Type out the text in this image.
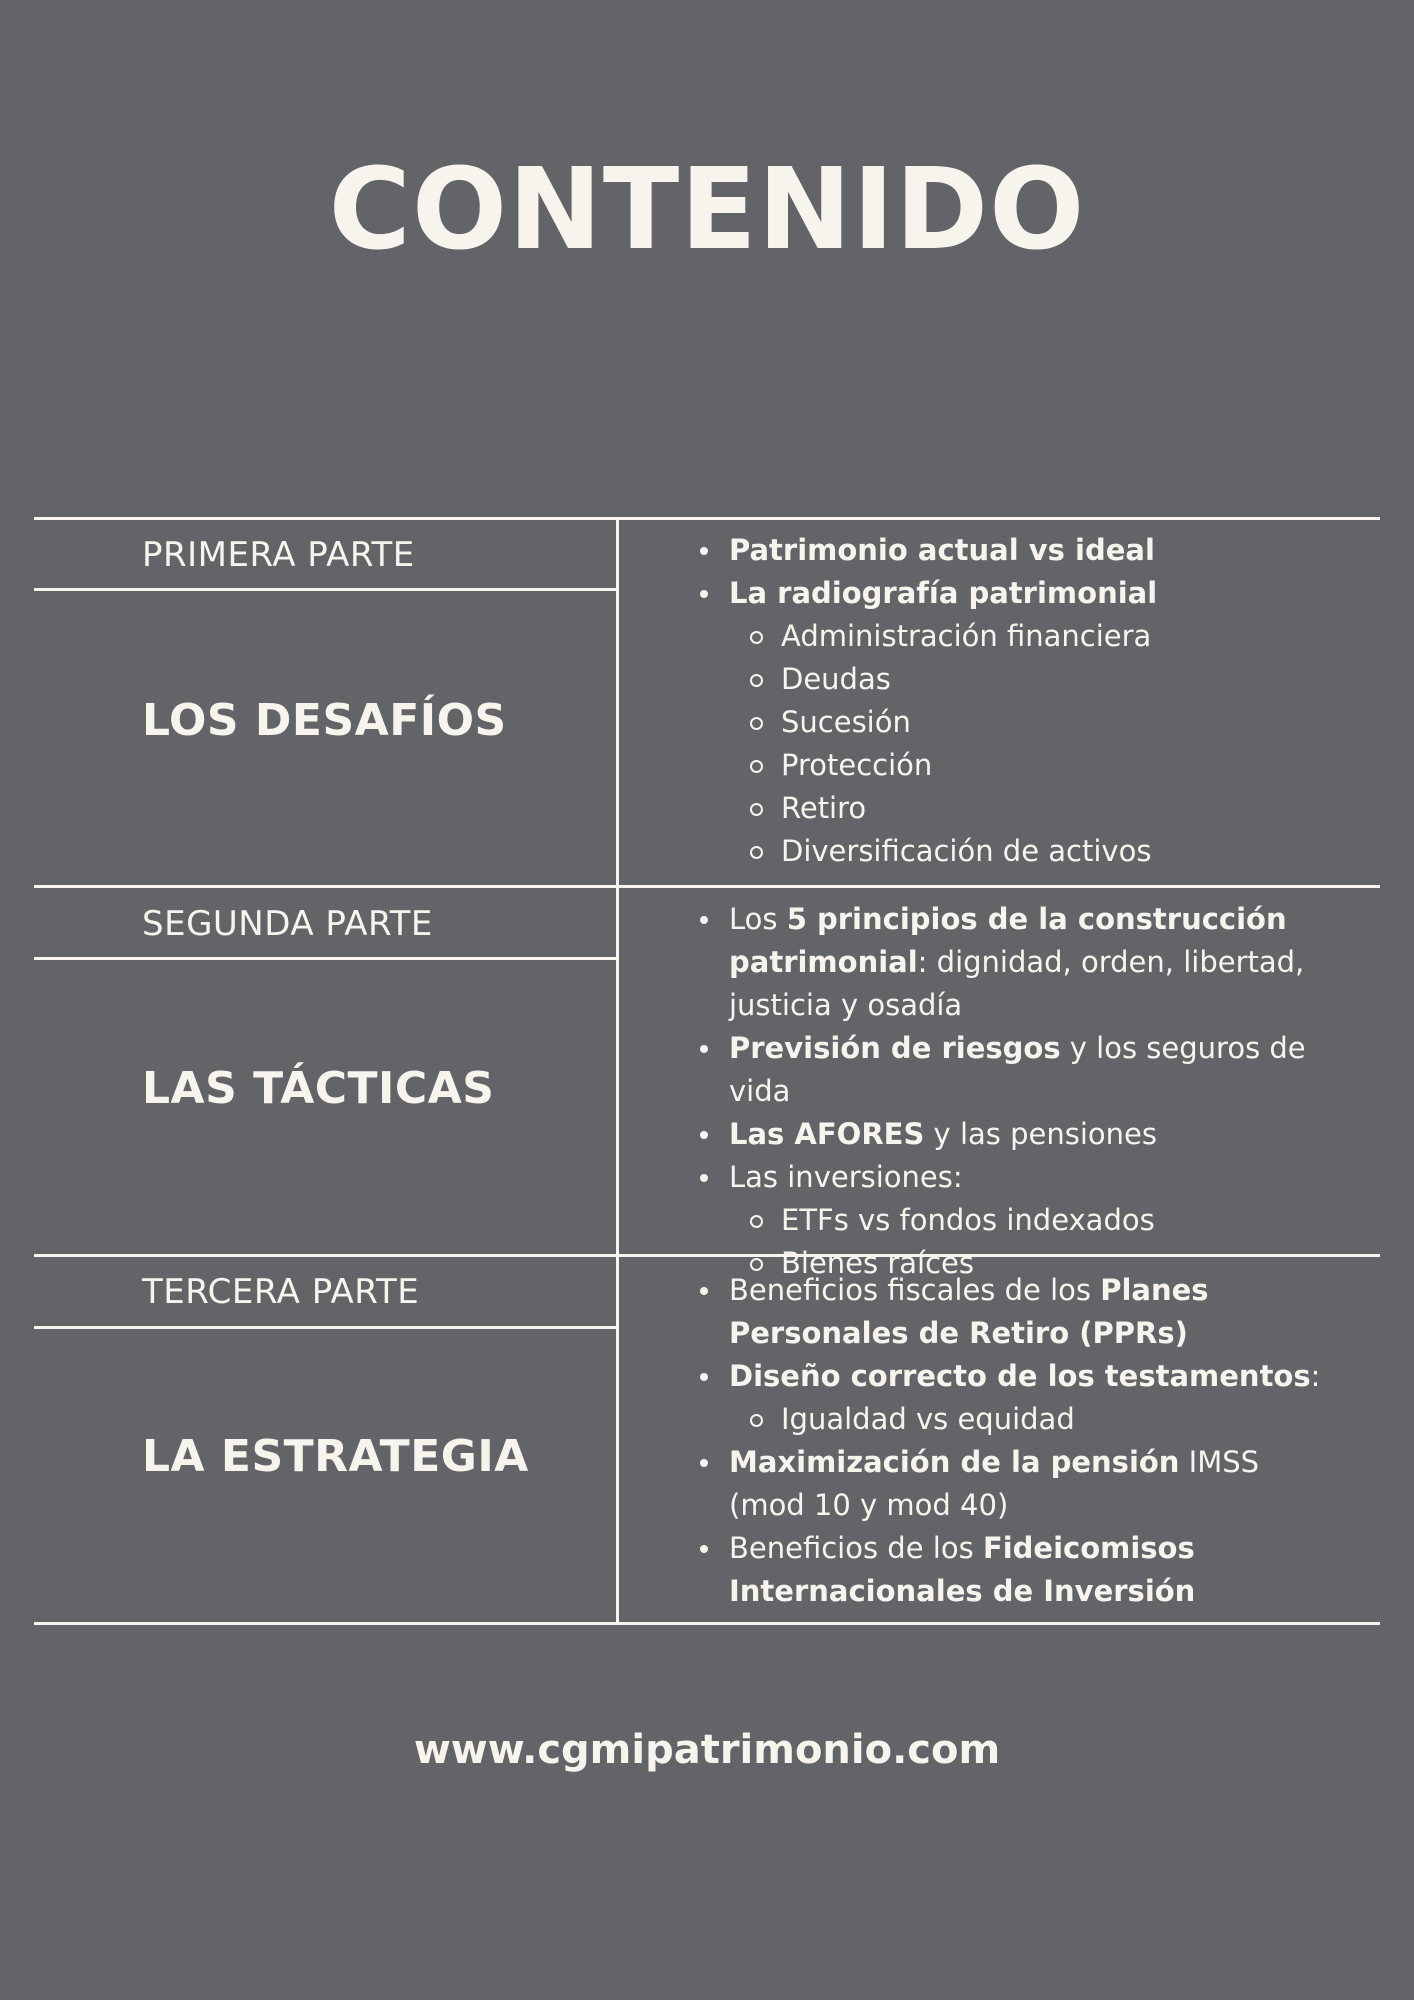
CONTENIDO
PRIMERA PARTE
LOS DESAFÍOS
Patrimonio actual vs ideal
La radiografía patrimonial
Administración financiera
Deudas
Sucesión
Protección
Retiro
Diversificación de activos
SEGUNDA PARTE
LAS TÁCTICAS
Los 5 principios de la construcción patrimonial: dignidad, orden, libertad, justicia y osadía
Previsión de riesgos y los seguros de vida
Las AFORES y las pensiones
Las inversiones:
ETFs vs fondos indexados
Bienes raíces
TERCERA PARTE
LA ESTRATEGIA
Beneficios fiscales de los Planes Personales de Retiro (PPRs)
Diseño correcto de los testamentos:
Igualdad vs equidad
Maximización de la pensión IMSS (mod 10 y mod 40)
Beneficios de los Fideicomisos Internacionales de Inversión
www.cgmipatrimonio.com
